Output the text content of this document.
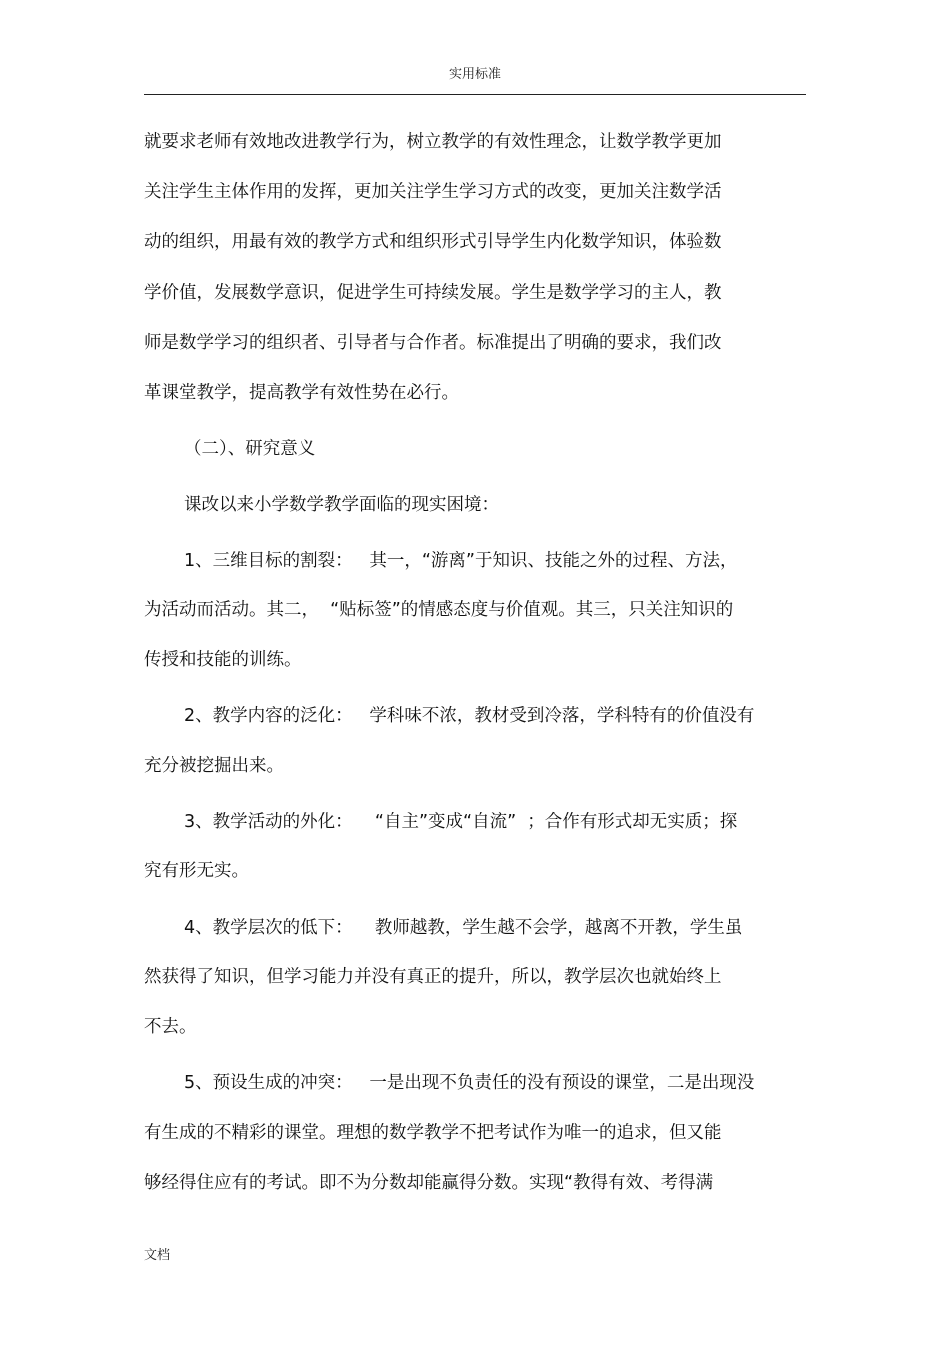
实用标准
就要求老师有效地改进教学行为，树立教学的有效性理念，让数学教学更加
关注学生主体作用的发挥，更加关注学生学习方式的改变，更加关注数学活
动的组织，用最有效的教学方式和组织形式引导学生内化数学知识，体验数
学价值，发展数学意识，促进学生可持续发展。学生是数学学习的主人，教
师是数学学习的组织者、引导者与合作者。标准提出了明确的要求，我们改
革课堂教学，提高教学有效性势在必行。
（二）、研究意义
课改以来小学数学教学面临的现实困境：
1、三维目标的割裂：   其一，“游离”于知识、技能之外的过程、方法，
为活动而活动。其二，  “贴标签”的情感态度与价值观。其三，只关注知识的
传授和技能的训练。
2、教学内容的泛化：   学科味不浓，教材受到冷落，学科特有的价值没有
充分被挖掘出来。
3、教学活动的外化：    “自主”变成“自流”  ；合作有形式却无实质；探
究有形无实。
4、教学层次的低下：    教师越教，学生越不会学，越离不开教，学生虽
然获得了知识，但学习能力并没有真正的提升，所以，教学层次也就始终上
不去。
5、预设生成的冲突：   一是出现不负责任的没有预设的课堂，二是出现没
有生成的不精彩的课堂。理想的数学教学不把考试作为唯一的追求，但又能
够经得住应有的考试。即不为分数却能赢得分数。实现“教得有效、考得满
文档
